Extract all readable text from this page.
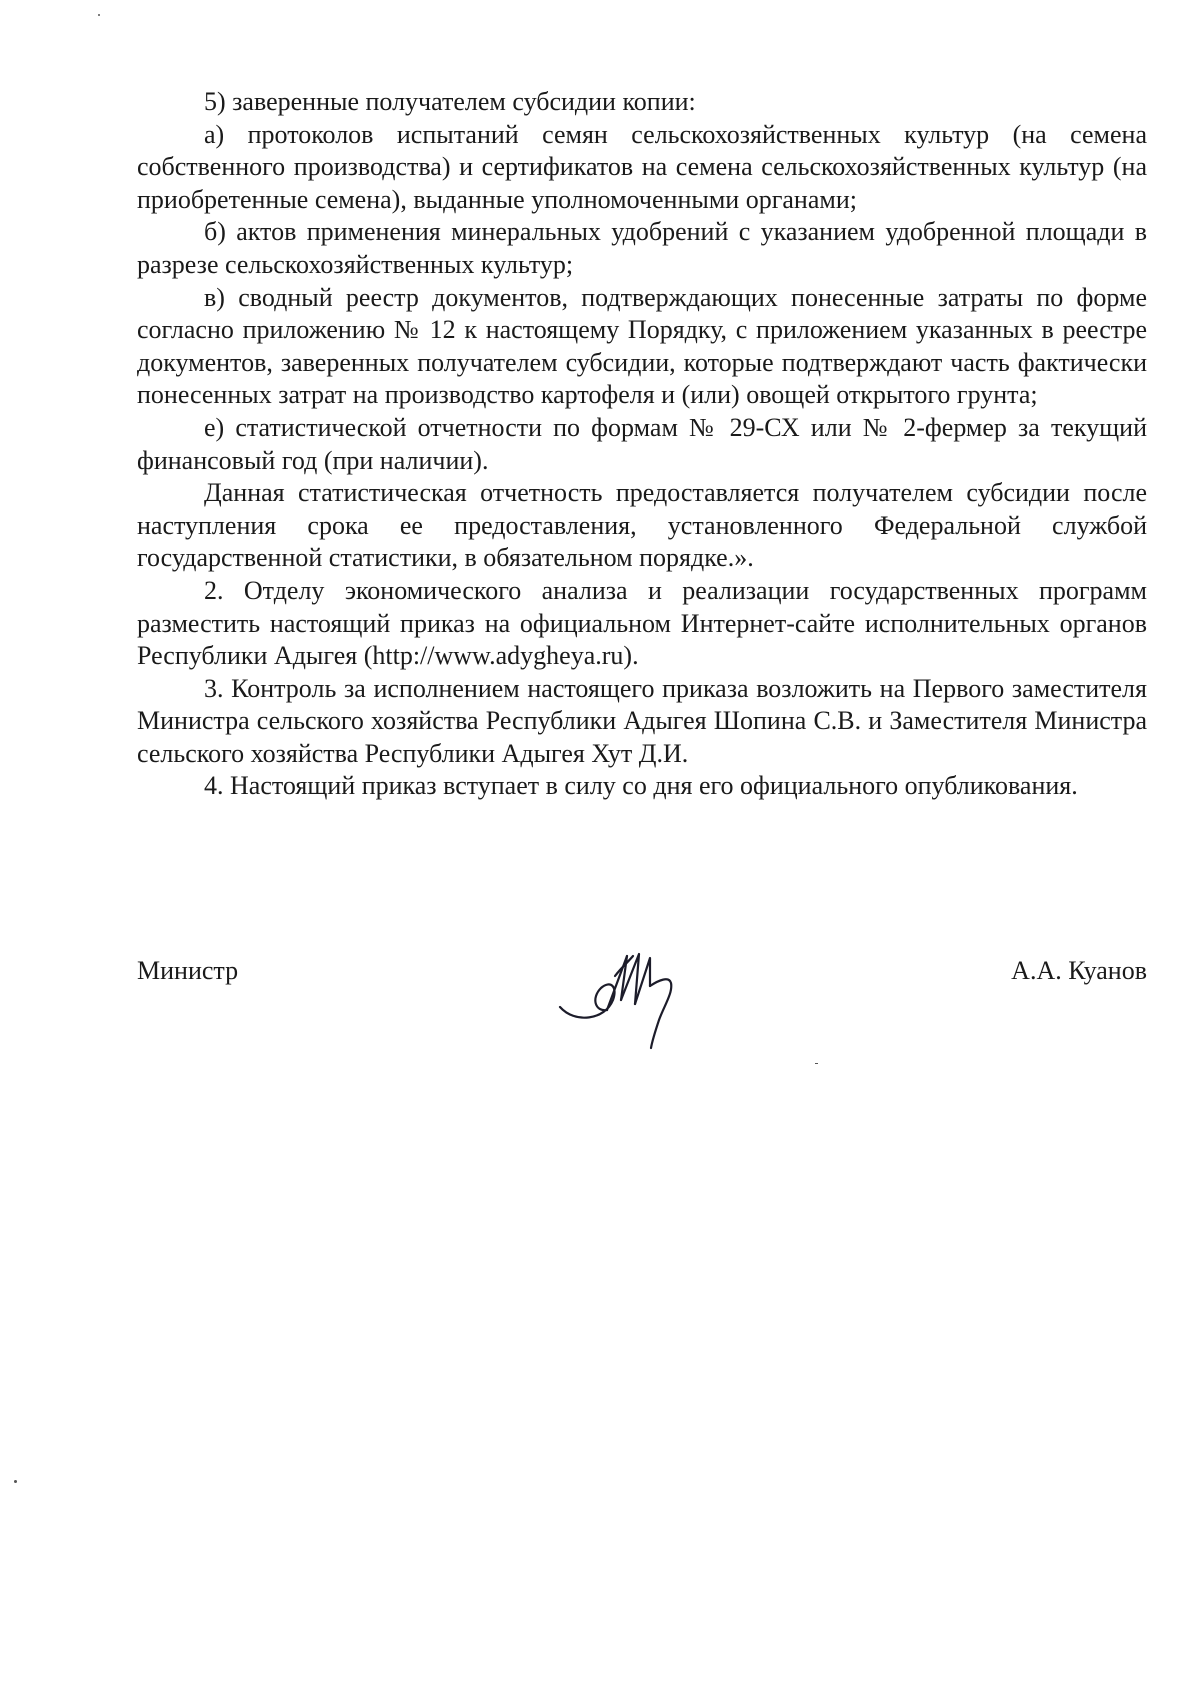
5) заверенные получателем субсидии копии:

а) протоколов испытаний семян сельскохозяйственных культур (на семена собственного производства) и сертификатов на семена сельскохозяйственных культур (на приобретенные семена), выданные уполномоченными органами;

б) актов применения минеральных удобрений с указанием удобренной площади в разрезе сельскохозяйственных культур;

в) сводный реестр документов, подтверждающих понесенные затраты по форме согласно приложению № 12 к настоящему Порядку, с приложением указанных в реестре документов, заверенных получателем субсидии, которые подтверждают часть фактически понесенных затрат на производство картофеля и (или) овощей открытого грунта;

е) статистической отчетности по формам № 29-СХ или № 2-фермер за текущий финансовый год (при наличии).

Данная статистическая отчетность предоставляется получателем субсидии после наступления срока ее предоставления, установленного Федеральной службой государственной статистики, в обязательном порядке.».

2. Отделу экономического анализа и реализации государственных программ разместить настоящий приказ на официальном Интернет-сайте исполнительных органов Республики Адыгея (http://www.adygheya.ru).

3. Контроль за исполнением настоящего приказа возложить на Первого заместителя Министра сельского хозяйства Республики Адыгея Шопина С.В. и Заместителя Министра сельского хозяйства Республики Адыгея Хут Д.И.

4. Настоящий приказ вступает в силу со дня его официального опубликования.

Министр	А.А. Куанов
